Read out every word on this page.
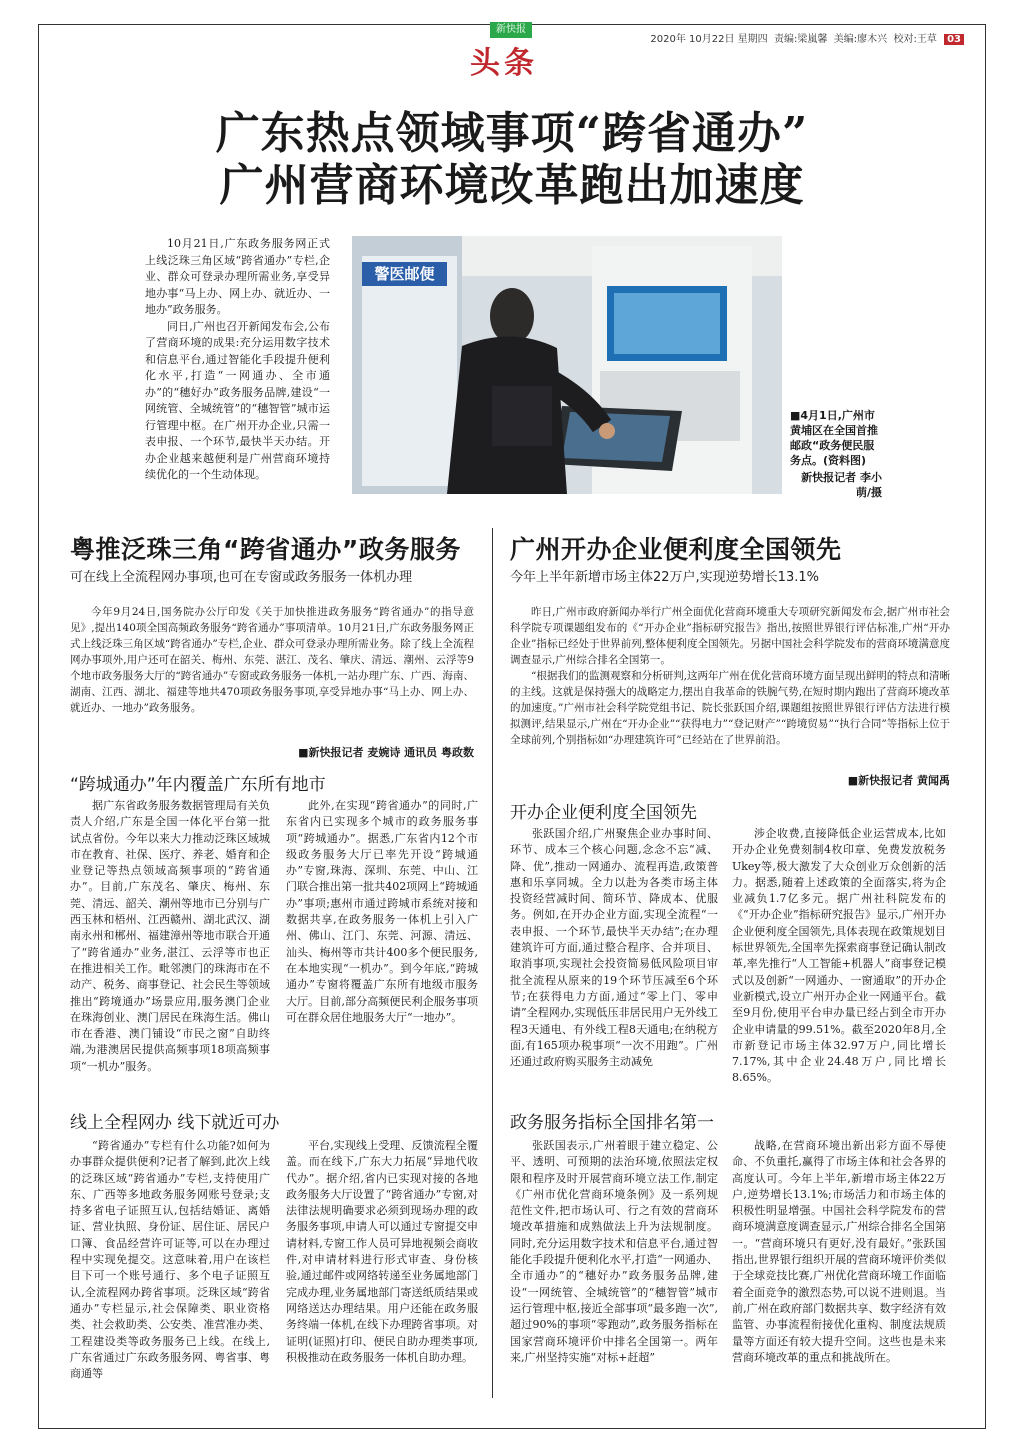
新快报
头条
2020年 10月22日 星期四 责编:梁嵐馨 美编:廖木兴 校对:王草 03
广东热点领域事项“跨省通办”
广州营商环境改革跑出加速度

10月21日,广东政务服务网正式上线泛珠三角区域“跨省通办”专栏,企业、群众可登录办理所需业务,享受异地办事“马上办、网上办、就近办、一地办”政务服务。

同日,广州也召开新闻发布会,公布了营商环境的成果:充分运用数字技术和信息平台,通过智能化手段提升便利化水平,打造“一网通办、全市通办”的“穗好办”政务服务品牌,建设“一网统管、全城统管”的“穗智管”城市运行管理中枢。在广州开办企业,只需一表申报、一个环节,最快半天办结。开办企业越来越便利是广州营商环境持续优化的一个生动体现。

警医邮便
■4月1日,广州市黄埔区在全国首推邮政“政务便民服务点。(资料图)
新快报记者 李小萌/摄
粤推泛珠三角“跨省通办”政务服务
可在线上全流程网办事项,也可在专窗或政务服务一体机办理

今年9月24日,国务院办公厅印发《关于加快推进政务服务“跨省通办”的指导意见》,提出140项全国高频政务服务“跨省通办”事项清单。10月21日,广东政务服务网正式上线泛珠三角区域“跨省通办”专栏,企业、群众可登录办理所需业务。除了线上全流程网办事项外,用户还可在韶关、梅州、东莞、湛江、茂名、肇庆、清远、潮州、云浮等9个地市政务服务大厅的“跨省通办”专窗或政务服务一体机,一站办理广东、广西、海南、湖南、江西、湖北、福建等地共470项政务服务事项,享受异地办事“马上办、网上办、就近办、一地办”政务服务。

■新快报记者 麦婉诗 通讯员 粤政数
“跨城通办”年内覆盖广东所有地市

据广东省政务服务数据管理局有关负责人介绍,广东是全国一体化平台第一批试点省份。今年以来大力推动泛珠区域城市在教育、社保、医疗、养老、婚育和企业登记等热点领域高频事项的“跨省通办”。目前,广东茂名、肇庆、梅州、东莞、清远、韶关、潮州等地市已分别与广西玉林和梧州、江西赣州、湖北武汉、湖南永州和郴州、福建漳州等地市联合开通了“跨省通办”业务,湛江、云浮等市也正在推进相关工作。毗邻澳门的珠海市在不动产、税务、商事登记、社会民生等领域推出“跨境通办”场景应用,服务澳门企业在珠海创业、澳门居民在珠海生活。佛山市在香港、澳门铺设“市民之窗”自助终端,为港澳居民提供高频事项18项高频事项“一机办”服务。

此外,在实现“跨省通办”的同时,广东省内已实现多个城市的政务服务事项“跨城通办”。据悉,广东省内12个市级政务服务大厅已率先开设“跨城通办”专窗,珠海、深圳、东莞、中山、江门联合推出第一批共402项网上“跨城通办”事项;惠州市通过跨城市系统对接和数据共享,在政务服务一体机上引入广州、佛山、江门、东莞、河源、清远、汕头、梅州等市共计400多个便民服务,在本地实现“一机办”。到今年底,“跨城通办”专窗将覆盖广东所有地级市服务大厅。目前,部分高频便民利企服务事项可在群众居住地服务大厅“一地办”。

线上全程网办 线下就近可办

“跨省通办”专栏有什么功能?如何为办事群众提供便利?记者了解到,此次上线的泛珠区域“跨省通办”专栏,支持使用广东、广西等多地政务服务网账号登录;支持多省电子证照互认,包括结婚证、离婚证、营业执照、身份证、居住证、居民户口簿、食品经营许可证等,可以在办理过程中实现免提交。这意味着,用户在该栏目下可一个账号通行、多个电子证照互认,全流程网办跨省事项。泛珠区域“跨省通办”专栏显示,社会保障类、职业资格类、社会救助类、公安类、准营准办类、工程建设类等政务服务已上线。在线上,广东省通过广东政务服务网、粤省事、粤商通等

平台,实现线上受理、反馈流程全覆盖。而在线下,广东大力拓展“异地代收代办”。据介绍,省内已实现对接的各地政务服务大厅设置了“跨省通办”专窗,对法律法规明确要求必须到现场办理的政务服务事项,申请人可以通过专窗提交申请材料,专窗工作人员可异地视频会商收件,对申请材料进行形式审查、身份核验,通过邮件或网络转递至业务属地部门完成办理,业务属地部门寄送纸质结果或网络送达办理结果。用户还能在政务服务终端一体机,在线下办理跨省事项。对证明(证照)打印、便民自助办理类事项,积极推动在政务服务一体机自助办理。

广州开办企业便利度全国领先
今年上半年新增市场主体22万户,实现逆势增长13.1%

昨日,广州市政府新闻办举行广州全面优化营商环境重大专项研究新闻发布会,据广州市社会科学院专项课题组发布的《“开办企业”指标研究报告》指出,按照世界银行评估标准,广州“开办企业”指标已经处于世界前列,整体便利度全国领先。另据中国社会科学院发布的营商环境满意度调查显示,广州综合排名全国第一。

“根据我们的监测观察和分析研判,这两年广州在优化营商环境方面呈现出鲜明的特点和清晰的主线。这就是保持强大的战略定力,摆出自我革命的铁腕气势,在短时期内跑出了营商环境改革的加速度。”广州市社会科学院党组书记、院长张跃国介绍,课题组按照世界银行评估方法进行模拟测评,结果显示,广州在“开办企业”“获得电力”“登记财产”“跨境贸易”“执行合同”等指标上位于全球前列,个别指标如“办理建筑许可”已经站在了世界前沿。

■新快报记者 黄闻禹
开办企业便利度全国领先

张跃国介绍,广州聚焦企业办事时间、环节、成本三个核心问题,念念不忘“减、降、优”,推动一网通办、流程再造,政策普惠和乐享同城。全力以赴为各类市场主体投资经营减时间、简环节、降成本、优服务。例如,在开办企业方面,实现全流程“一表申报、一个环节,最快半天办结”;在办理建筑许可方面,通过整合程序、合并项目、取消事项,实现社会投资简易低风险项目审批全流程从原来的19个环节压减至6个环节;在获得电力方面,通过“零上门、零申请”全程网办,实现低压非居民用户无外线工程3天通电、有外线工程8天通电;在纳税方面,有165项办税事项“一次不用跑”。广州还通过政府购买服务主动减免

涉企收费,直接降低企业运营成本,比如开办企业免费刻制4枚印章、免费发放税务Ukey等,极大激发了大众创业万众创新的活力。据悉,随着上述政策的全面落实,将为企业减负1.7亿多元。据广州社科院发布的《“开办企业”指标研究报告》显示,广州开办企业便利度全国领先,具体表现在政策规划目标世界领先,全国率先探索商事登记确认制改革,率先推行“人工智能+机器人”商事登记模式以及创新“一网通办、一窗通取”的开办企业新模式,设立广州开办企业一网通平台。截至9月份,使用平台申办量已经占到全市开办企业申请量的99.51%。截至2020年8月,全市新登记市场主体32.97万户,同比增长7.17%,其中企业24.48万户,同比增长8.65%。

政务服务指标全国排名第一

张跃国表示,广州着眼于建立稳定、公平、透明、可预期的法治环境,依照法定权限和程序及时开展营商环境立法工作,制定《广州市优化营商环境条例》及一系列规范性文件,把市场认可、行之有效的营商环境改革措施和成熟做法上升为法规制度。同时,充分运用数字技术和信息平台,通过智能化手段提升便利化水平,打造“一网通办、全市通办”的“穗好办”政务服务品牌,建设“一网统管、全城统管”的“穗智管”城市运行管理中枢,接近全部事项“最多跑一次”,超过90%的事项“零跑动”,政务服务指标在国家营商环境评价中排名全国第一。两年来,广州坚持实施“对标+赶超”

战略,在营商环境出新出彩方面不辱使命、不负重托,赢得了市场主体和社会各界的高度认可。今年上半年,新增市场主体22万户,逆势增长13.1%;市场活力和市场主体的积极性明显增强。中国社会科学院发布的营商环境满意度调查显示,广州综合排名全国第一。“营商环境只有更好,没有最好。”张跃国指出,世界银行组织开展的营商环境评价类似于全球竞技比赛,广州优化营商环境工作面临着全面竞争的激烈态势,可以说不进则退。当前,广州在政府部门数据共享、数字经济有效监管、办事流程衔接优化重构、制度法规质量等方面还有较大提升空间。这些也是未来营商环境改革的重点和挑战所在。
